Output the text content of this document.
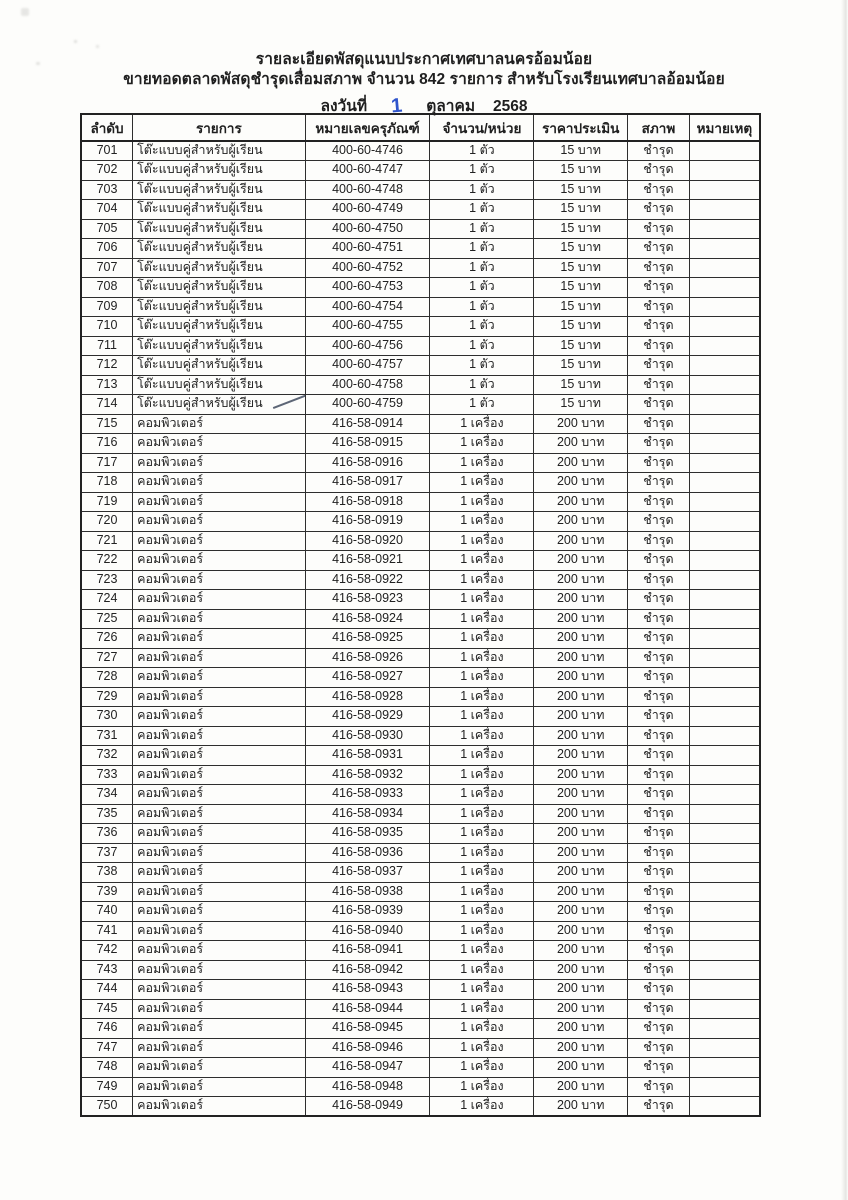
รายละเอียดพัสดุแนบประกาศเทศบาลนครอ้อมน้อย
ขายทอดตลาดพัสดุชำรุดเสื่อมสภาพ จำนวน 842 รายการ สำหรับโรงเรียนเทศบาลอ้อมน้อย
ลงวันที่ 1 ตุลาคม 2568
ลำดับ	รายการ	หมายเลขครุภัณฑ์	จำนวน/หน่วย	ราคาประเมิน	สภาพ	หมายเหตุ
701	โต๊ะแบบคู่สำหรับผู้เรียน	400-60-4746	1 ตัว	15 บาท	ชำรุด	
702	โต๊ะแบบคู่สำหรับผู้เรียน	400-60-4747	1 ตัว	15 บาท	ชำรุด	
703	โต๊ะแบบคู่สำหรับผู้เรียน	400-60-4748	1 ตัว	15 บาท	ชำรุด	
704	โต๊ะแบบคู่สำหรับผู้เรียน	400-60-4749	1 ตัว	15 บาท	ชำรุด	
705	โต๊ะแบบคู่สำหรับผู้เรียน	400-60-4750	1 ตัว	15 บาท	ชำรุด	
706	โต๊ะแบบคู่สำหรับผู้เรียน	400-60-4751	1 ตัว	15 บาท	ชำรุด	
707	โต๊ะแบบคู่สำหรับผู้เรียน	400-60-4752	1 ตัว	15 บาท	ชำรุด	
708	โต๊ะแบบคู่สำหรับผู้เรียน	400-60-4753	1 ตัว	15 บาท	ชำรุด	
709	โต๊ะแบบคู่สำหรับผู้เรียน	400-60-4754	1 ตัว	15 บาท	ชำรุด	
710	โต๊ะแบบคู่สำหรับผู้เรียน	400-60-4755	1 ตัว	15 บาท	ชำรุด	
711	โต๊ะแบบคู่สำหรับผู้เรียน	400-60-4756	1 ตัว	15 บาท	ชำรุด	
712	โต๊ะแบบคู่สำหรับผู้เรียน	400-60-4757	1 ตัว	15 บาท	ชำรุด	
713	โต๊ะแบบคู่สำหรับผู้เรียน	400-60-4758	1 ตัว	15 บาท	ชำรุด	
714	โต๊ะแบบคู่สำหรับผู้เรียน	400-60-4759	1 ตัว	15 บาท	ชำรุด	
715	คอมพิวเตอร์	416-58-0914	1 เครื่อง	200 บาท	ชำรุด	
716	คอมพิวเตอร์	416-58-0915	1 เครื่อง	200 บาท	ชำรุด	
717	คอมพิวเตอร์	416-58-0916	1 เครื่อง	200 บาท	ชำรุด	
718	คอมพิวเตอร์	416-58-0917	1 เครื่อง	200 บาท	ชำรุด	
719	คอมพิวเตอร์	416-58-0918	1 เครื่อง	200 บาท	ชำรุด	
720	คอมพิวเตอร์	416-58-0919	1 เครื่อง	200 บาท	ชำรุด	
721	คอมพิวเตอร์	416-58-0920	1 เครื่อง	200 บาท	ชำรุด	
722	คอมพิวเตอร์	416-58-0921	1 เครื่อง	200 บาท	ชำรุด	
723	คอมพิวเตอร์	416-58-0922	1 เครื่อง	200 บาท	ชำรุด	
724	คอมพิวเตอร์	416-58-0923	1 เครื่อง	200 บาท	ชำรุด	
725	คอมพิวเตอร์	416-58-0924	1 เครื่อง	200 บาท	ชำรุด	
726	คอมพิวเตอร์	416-58-0925	1 เครื่อง	200 บาท	ชำรุด	
727	คอมพิวเตอร์	416-58-0926	1 เครื่อง	200 บาท	ชำรุด	
728	คอมพิวเตอร์	416-58-0927	1 เครื่อง	200 บาท	ชำรุด	
729	คอมพิวเตอร์	416-58-0928	1 เครื่อง	200 บาท	ชำรุด	
730	คอมพิวเตอร์	416-58-0929	1 เครื่อง	200 บาท	ชำรุด	
731	คอมพิวเตอร์	416-58-0930	1 เครื่อง	200 บาท	ชำรุด	
732	คอมพิวเตอร์	416-58-0931	1 เครื่อง	200 บาท	ชำรุด	
733	คอมพิวเตอร์	416-58-0932	1 เครื่อง	200 บาท	ชำรุด	
734	คอมพิวเตอร์	416-58-0933	1 เครื่อง	200 บาท	ชำรุด	
735	คอมพิวเตอร์	416-58-0934	1 เครื่อง	200 บาท	ชำรุด	
736	คอมพิวเตอร์	416-58-0935	1 เครื่อง	200 บาท	ชำรุด	
737	คอมพิวเตอร์	416-58-0936	1 เครื่อง	200 บาท	ชำรุด	
738	คอมพิวเตอร์	416-58-0937	1 เครื่อง	200 บาท	ชำรุด	
739	คอมพิวเตอร์	416-58-0938	1 เครื่อง	200 บาท	ชำรุด	
740	คอมพิวเตอร์	416-58-0939	1 เครื่อง	200 บาท	ชำรุด	
741	คอมพิวเตอร์	416-58-0940	1 เครื่อง	200 บาท	ชำรุด	
742	คอมพิวเตอร์	416-58-0941	1 เครื่อง	200 บาท	ชำรุด	
743	คอมพิวเตอร์	416-58-0942	1 เครื่อง	200 บาท	ชำรุด	
744	คอมพิวเตอร์	416-58-0943	1 เครื่อง	200 บาท	ชำรุด	
745	คอมพิวเตอร์	416-58-0944	1 เครื่อง	200 บาท	ชำรุด	
746	คอมพิวเตอร์	416-58-0945	1 เครื่อง	200 บาท	ชำรุด	
747	คอมพิวเตอร์	416-58-0946	1 เครื่อง	200 บาท	ชำรุด	
748	คอมพิวเตอร์	416-58-0947	1 เครื่อง	200 บาท	ชำรุด	
749	คอมพิวเตอร์	416-58-0948	1 เครื่อง	200 บาท	ชำรุด	
750	คอมพิวเตอร์	416-58-0949	1 เครื่อง	200 บาท	ชำรุด	
